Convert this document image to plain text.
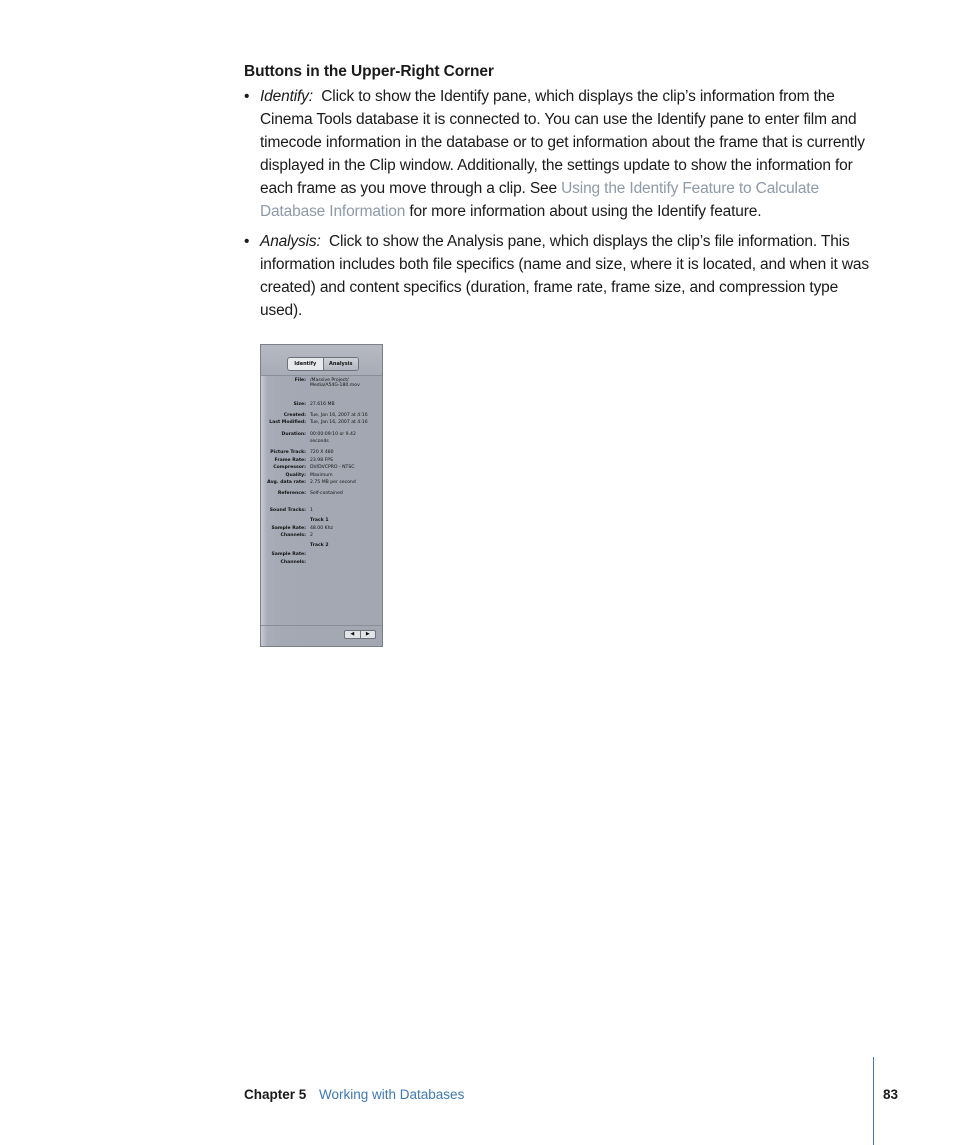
Buttons in the Upper-Right Corner
• Identify: Click to show the Identify pane, which displays the clip’s information from the Cinema Tools database it is connected to. You can use the Identify pane to enter film and timecode information in the database or to get information about the frame that is currently displayed in the Clip window. Additionally, the settings update to show the information for each frame as you move through a clip. See Using the Identify Feature to Calculate Database Information for more information about using the Identify feature.
• Analysis: Click to show the Analysis pane, which displays the clip’s file information. This information includes both file specifics (name and size, where it is located, and when it was created) and content specifics (duration, frame rate, frame size, and compression type used).
Identify	Analysis
File: /Massive Project/
Media/A54G-180.mov
Size: 27.616 MB
Created: Tue, Jan 16, 2007 at 4:16
Last Modified: Tue, Jan 16, 2007 at 4:16
Duration: 00:00:09:10 or 9.42
seconds
Picture Track: 720 X 480
Frame Rate: 23.98 FPS
Compressor: DV/DVCPRO - NTSC
Quality: Maximum
Avg. data rate: 2.75 MB per second
Reference: Self-contained
Sound Tracks: 1
Track 1
Sample Rate: 48.00 Khz
Channels: 2
Track 2
Sample Rate:
Channels:
◀	▶
Chapter 5 Working with Databases	83
